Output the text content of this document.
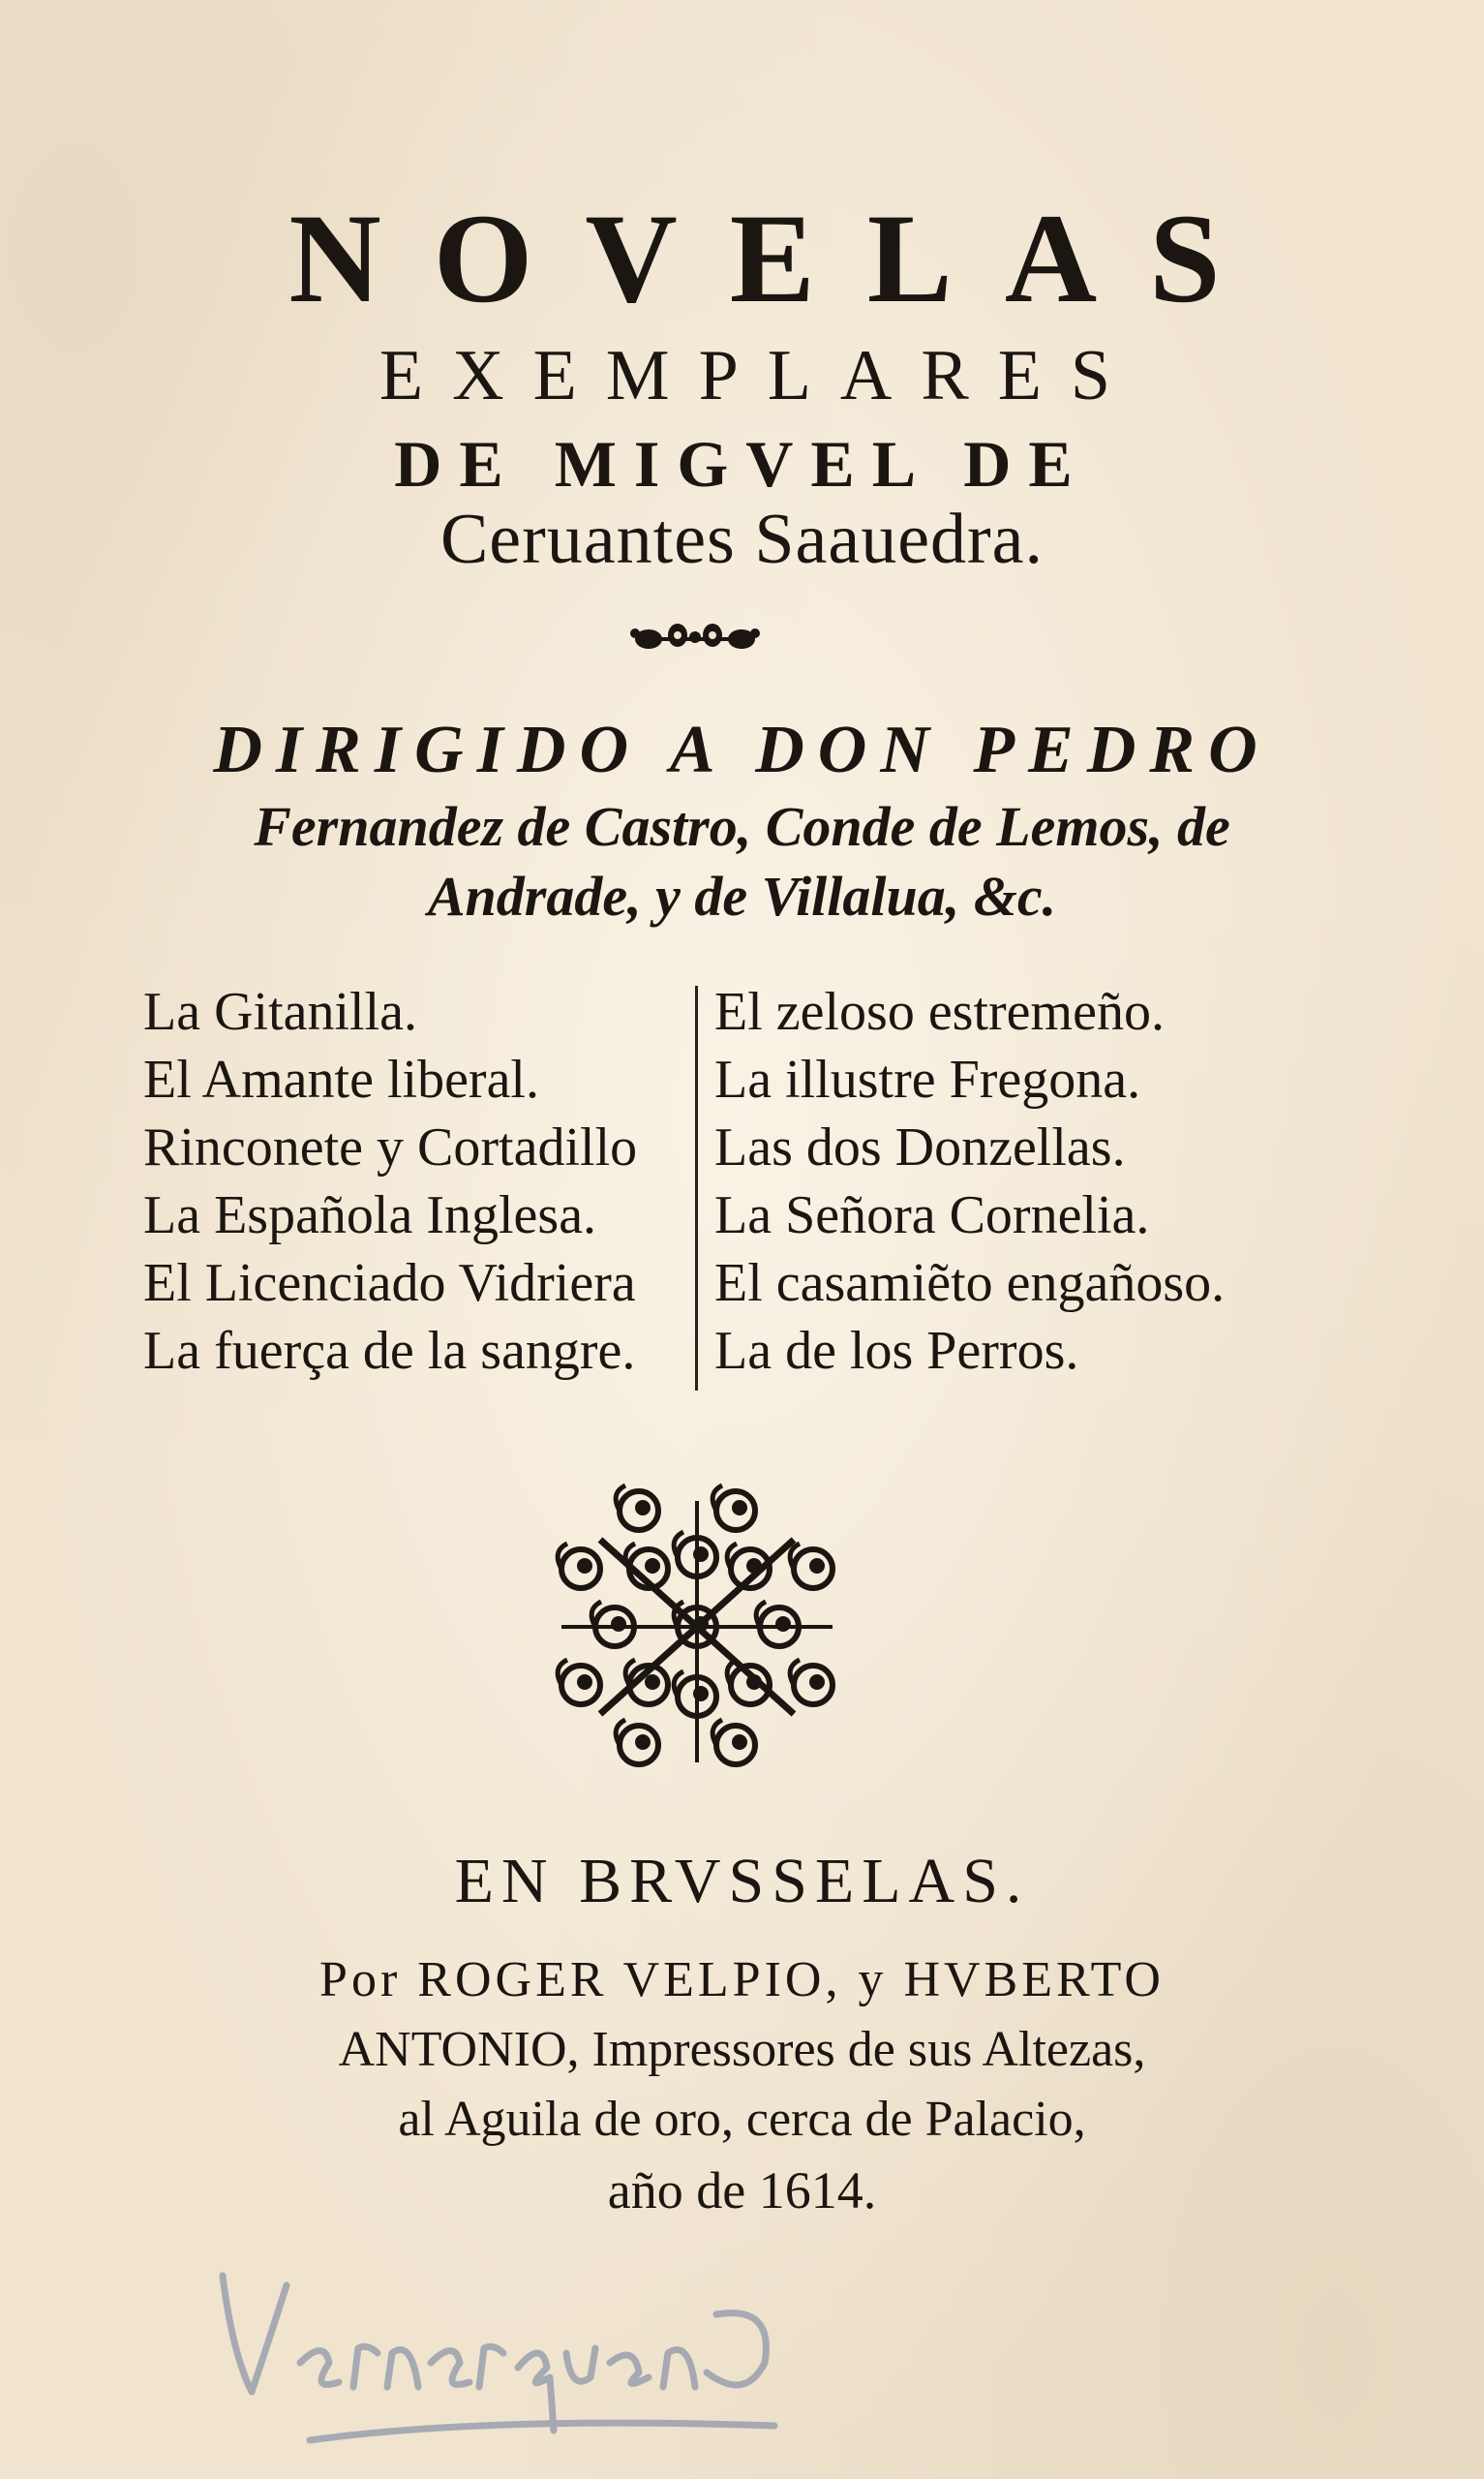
NOVELAS
EXEMPLARES
DE MIGVEL DE
Ceruantes Saauedra.
DIRIGIDO A DON PEDRO
Fernandez de Castro, Conde de Lemos, de
Andrade, y de Villalua, &c.
La Gitanilla.
El Amante liberal.
Rinconete y Cortadillo
La Española Inglesa.
El Licenciado Vidriera
La fuerça de la sangre.
El zeloso estremeño.
La illustre Fregona.
Las dos Donzellas.
La Señora Cornelia.
El casamiẽto engañoso.
La de los Perros.
EN BRVSSELAS.
Por ROGER VELPIO, y HVBERTO
ANTONIO, Impressores de sus Altezas,
al Aguila de oro, cerca de Palacio,
año de 1614.
